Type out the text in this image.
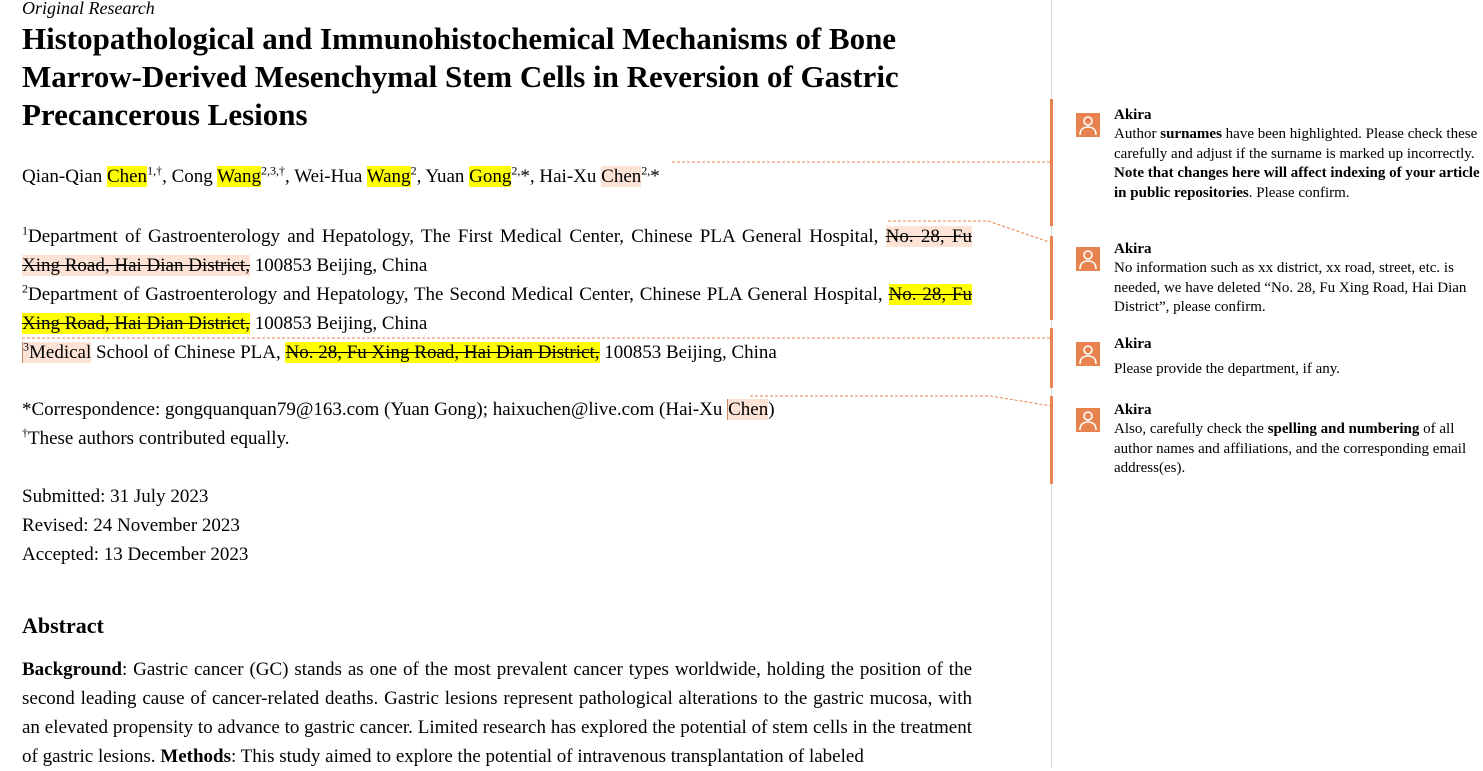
Original Research
Histopathological and Immunohistochemical Mechanisms of Bone Marrow-Derived Mesenchymal Stem Cells in Reversion of Gastric Precancerous Lesions
Qian-Qian Chen$^{1,\dagger}$, Cong Wang$^{2,3,\dagger}$, Wei-Hua Wang$^2$, Yuan Gong$^{2,}$*, Hai-Xu Chen$^{2,}$*
$^1$Department of Gastroenterology and Hepatology, The First Medical Center, Chinese PLA General Hospital, No. 28, Fu Xing Road, Hai Dian District, 100853 Beijing, China
$^2$Department of Gastroenterology and Hepatology, The Second Medical Center, Chinese PLA General Hospital, No. 28, Fu Xing Road, Hai Dian District, 100853 Beijing, China
$^3$Medical School of Chinese PLA, No. 28, Fu Xing Road, Hai Dian District, 100853 Beijing, China
*Correspondence: gongquanquan79@163.com (Yuan Gong); haixuchen@live.com (Hai-Xu Chen)
†These authors contributed equally.
Submitted: 31 July 2023
Revised: 24 November 2023
Accepted: 13 December 2023
Abstract
Background: Gastric cancer (GC) stands as one of the most prevalent cancer types worldwide, holding the position of the second leading cause of cancer-related deaths. Gastric lesions represent pathological alterations to the gastric mucosa, with an elevated propensity to advance to gastric cancer. Limited research has explored the potential of stem cells in the treatment of gastric lesions. Methods: This study aimed to explore the potential of intravenous transplantation of labeled
Akira
Author surnames have been highlighted. Please check these carefully and adjust if the surname is marked up incorrectly. Note that changes here will affect indexing of your article in public repositories. Please confirm.
Akira
No information such as xx district, xx road, street, etc. is needed, we have deleted “No. 28, Fu Xing Road, Hai Dian District”, please confirm.
Akira
Please provide the department, if any.
Akira
Also, carefully check the spelling and numbering of all author names and affiliations, and the corresponding email address(es).
